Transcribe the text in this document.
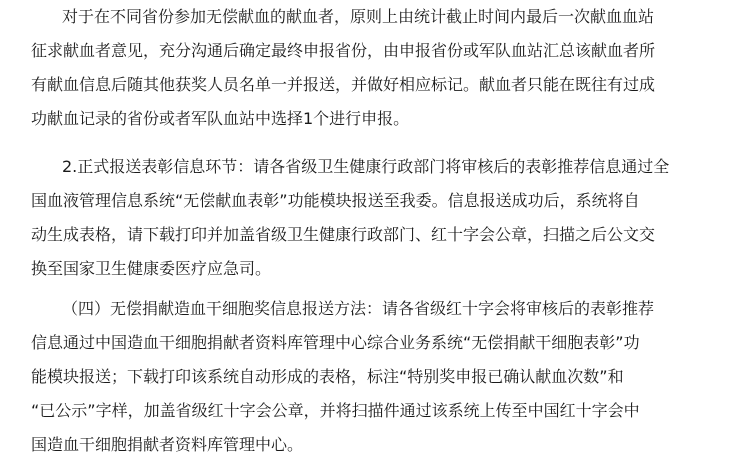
对于在不同省份参加无偿献血的献血者，原则上由统计截止时间内最后一次献血血站
征求献血者意见，充分沟通后确定最终申报省份，由申报省份或军队血站汇总该献血者所
有献血信息后随其他获奖人员名单一并报送，并做好相应标记。献血者只能在既往有过成
功献血记录的省份或者军队血站中选择1个进行申报。
2.正式报送表彰信息环节：请各省级卫生健康行政部门将审核后的表彰推荐信息通过全
国血液管理信息系统“无偿献血表彰”功能模块报送至我委。信息报送成功后，系统将自
动生成表格，请下载打印并加盖省级卫生健康行政部门、红十字会公章，扫描之后公文交
换至国家卫生健康委医疗应急司。
（四）无偿捐献造血干细胞奖信息报送方法：请各省级红十字会将审核后的表彰推荐
信息通过中国造血干细胞捐献者资料库管理中心综合业务系统“无偿捐献干细胞表彰”功
能模块报送；下载打印该系统自动形成的表格，标注“特别奖申报已确认献血次数”和
“已公示”字样，加盖省级红十字会公章，并将扫描件通过该系统上传至中国红十字会中
国造血干细胞捐献者资料库管理中心。
